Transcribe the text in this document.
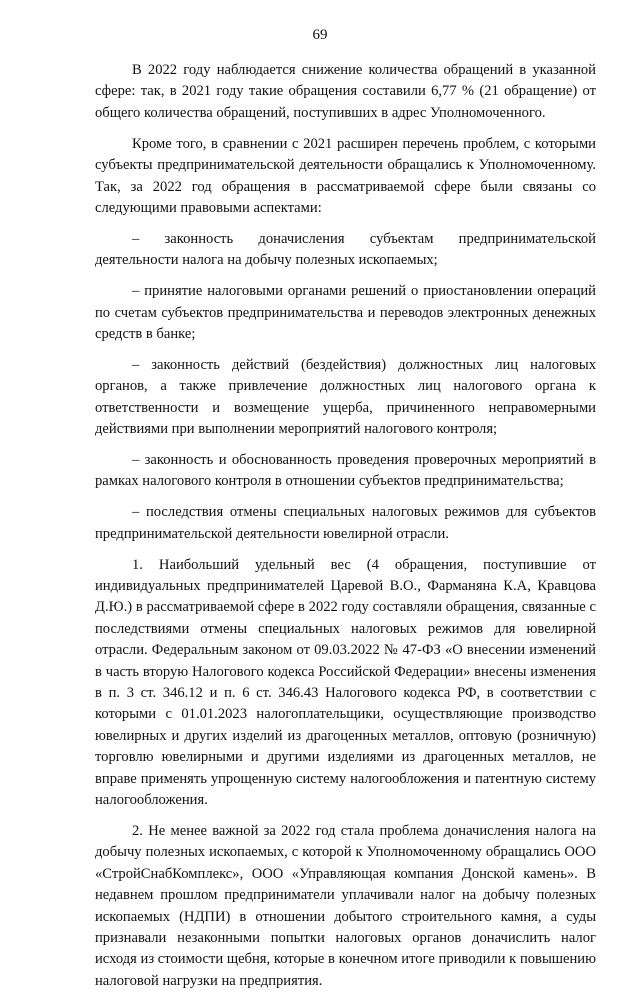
69

В 2022 году наблюдается снижение количества обращений в указанной сфере: так, в 2021 году такие обращения составили 6,77 % (21 обращение) от общего количества обращений, поступивших в адрес Уполномоченного.

Кроме того, в сравнении с 2021 расширен перечень проблем, с которыми субъекты предпринимательской деятельности обращались к Уполномоченному. Так, за 2022 год обращения в рассматриваемой сфере были связаны со следующими правовыми аспектами:

– законность доначисления субъектам предпринимательской деятельности налога на добычу полезных ископаемых;

– принятие налоговыми органами решений о приостановлении операций по счетам субъектов предпринимательства и переводов электронных денежных средств в банке;

– законность действий (бездействия) должностных лиц налоговых органов, а также привлечение должностных лиц налогового органа к ответственности и возмещение ущерба, причиненного неправомерными действиями при выполнении мероприятий налогового контроля;

– законность и обоснованность проведения проверочных мероприятий в рамках налогового контроля в отношении субъектов предпринимательства;

– последствия отмены специальных налоговых режимов для субъектов предпринимательской деятельности ювелирной отрасли.

1. Наибольший удельный вес (4 обращения, поступившие от индивидуальных предпринимателей Царевой В.О., Фарманяна К.А, Кравцова Д.Ю.) в рассматриваемой сфере в 2022 году составляли обращения, связанные с последствиями отмены специальных налоговых режимов для ювелирной отрасли. Федеральным законом от 09.03.2022 № 47-ФЗ «О внесении изменений в часть вторую Налогового кодекса Российской Федерации» внесены изменения в п. 3 ст. 346.12 и п. 6 ст. 346.43 Налогового кодекса РФ, в соответствии с которыми с 01.01.2023 налогоплательщики, осуществляющие производство ювелирных и других изделий из драгоценных металлов, оптовую (розничную) торговлю ювелирными и другими изделиями из драгоценных металлов, не вправе применять упрощенную систему налогообложения и патентную систему налогообложения.

2. Не менее важной за 2022 год стала проблема доначисления налога на добычу полезных ископаемых, с которой к Уполномоченному обращались ООО «СтройСнабКомплекс», ООО «Управляющая компания Донской камень». В недавнем прошлом предприниматели уплачивали налог на добычу полезных ископаемых (НДПИ) в отношении добытого строительного камня, а суды признавали незаконными попытки налоговых органов доначислить налог исходя из стоимости щебня, которые в конечном итоге приводили к повышению налоговой нагрузки на предприятия.
